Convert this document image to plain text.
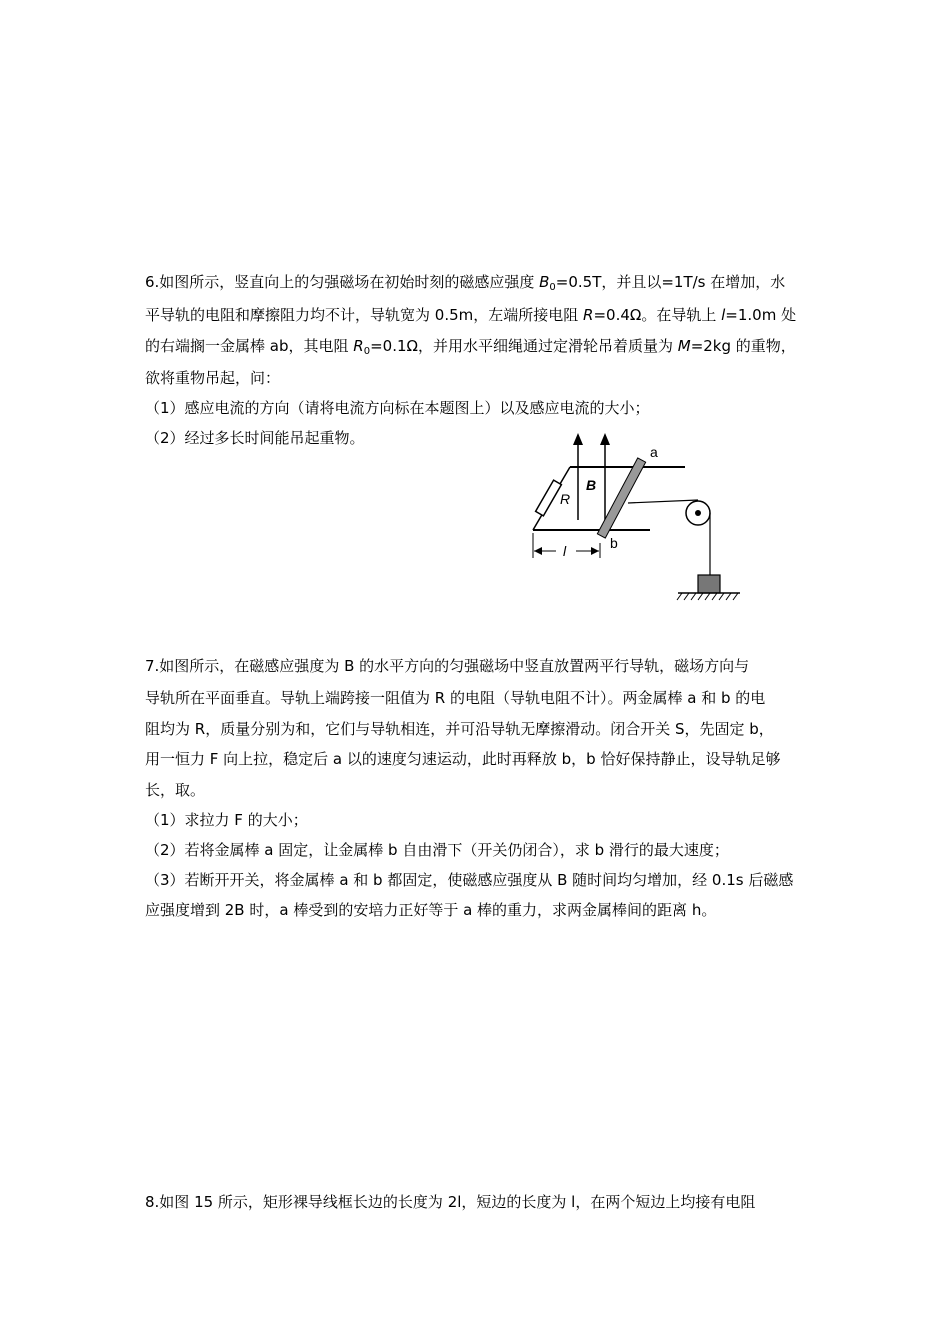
6.如图所示，竖直向上的匀强磁场在初始时刻的磁感应强度 $B_0=0.5T$，并且以=1T/s 在增加，水
平导轨的电阻和摩擦阻力均不计，导轨宽为 0.5m，左端所接电阻 R=0.4Ω。在导轨上 l=1.0m 处
的右端搁一金属棒 ab，其电阻 $R_0=0.1\Omega$，并用水平细绳通过定滑轮吊着质量为 M=2kg 的重物，
欲将重物吊起，问：
（1）感应电流的方向（请将电流方向标在本题图上）以及感应电流的大小；
（2）经过多长时间能吊起重物。
a
b
B
R
l
7.如图所示，在磁感应强度为 B 的水平方向的匀强磁场中竖直放置两平行导轨，磁场方向与
导轨所在平面垂直。导轨上端跨接一阻值为 R 的电阻（导轨电阻不计）。两金属棒 a 和 b 的电
阻均为 R，质量分别为和，它们与导轨相连，并可沿导轨无摩擦滑动。闭合开关 S，先固定 b，
用一恒力 F 向上拉，稳定后 a 以的速度匀速运动，此时再释放 b，b 恰好保持静止，设导轨足够
长，取。
（1）求拉力 F 的大小；
（2）若将金属棒 a 固定，让金属棒 b 自由滑下（开关仍闭合），求 b 滑行的最大速度；
（3）若断开开关，将金属棒 a 和 b 都固定，使磁感应强度从 B 随时间均匀增加，经 0.1s 后磁感
应强度增到 2B 时，a 棒受到的安培力正好等于 a 棒的重力，求两金属棒间的距离 h。
8.如图 15 所示，矩形裸导线框长边的长度为 2l，短边的长度为 l，在两个短边上均接有电阻
